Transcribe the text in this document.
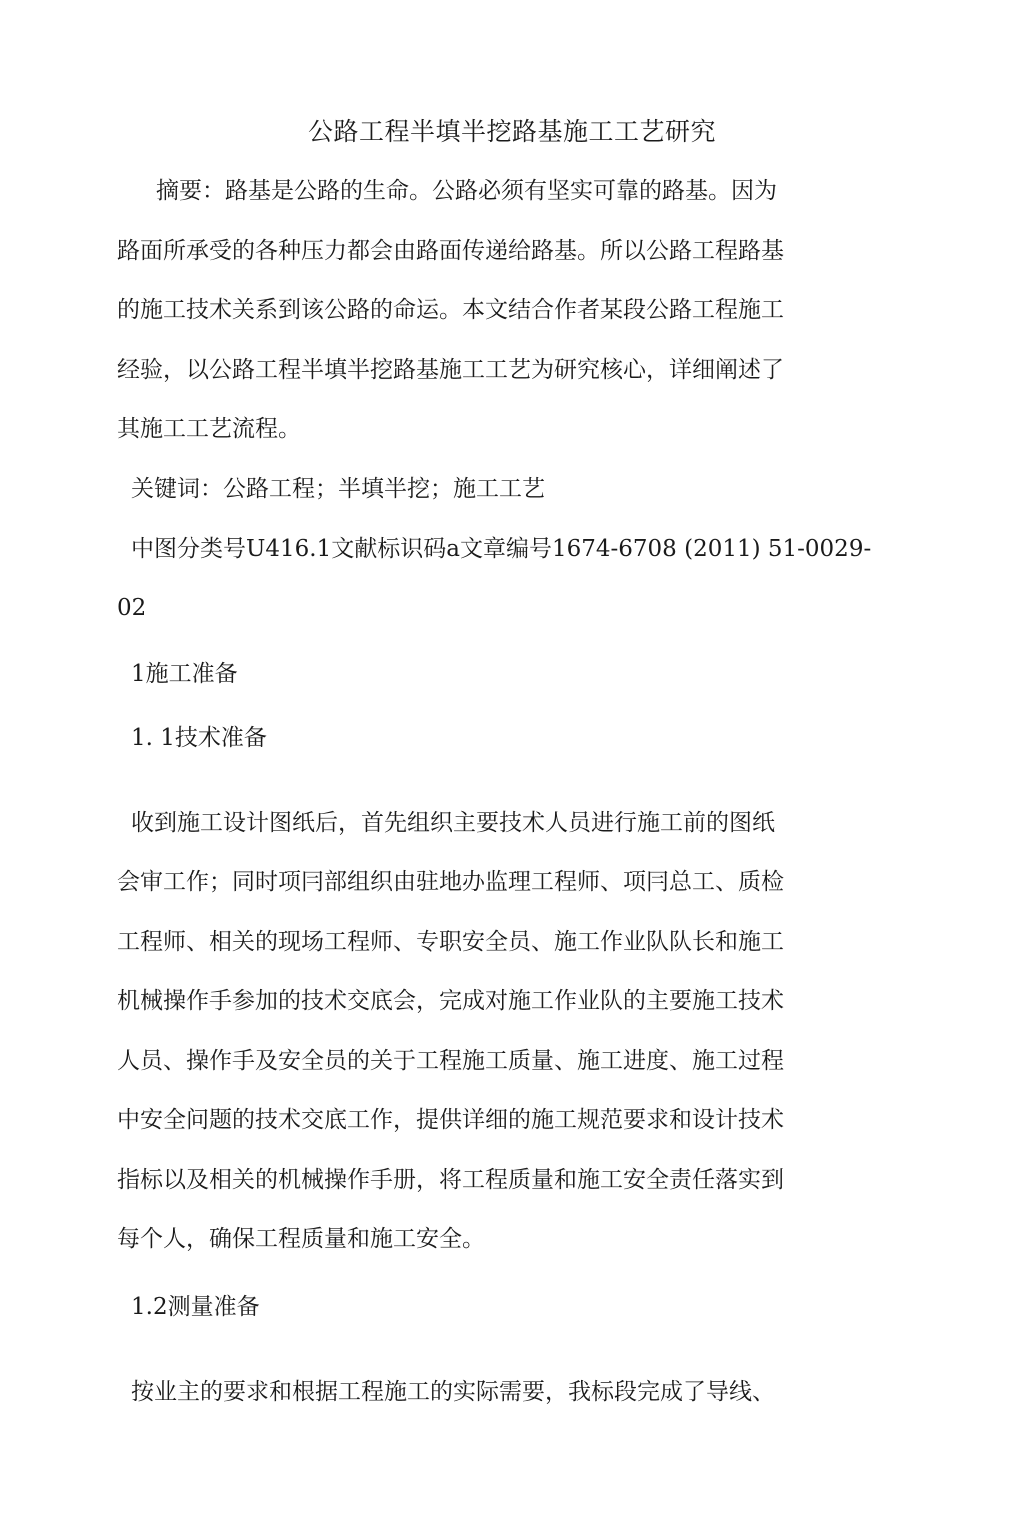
公路工程半填半挖路基施工工艺研究
摘要：路基是公路的生命。公路必须有坚实可靠的路基。因为
路面所承受的各种压力都会由路面传递给路基。所以公路工程路基
的施工技术关系到该公路的命运。本文结合作者某段公路工程施工
经验，以公路工程半填半挖路基施工工艺为研究核心，详细阐述了
其施工工艺流程。
关键词：公路工程；半填半挖；施工工艺
中图分类号U416.1文献标识码a文章编号1674-6708 (2011) 51-0029-
02
1施工准备
1. 1技术准备
收到施工设计图纸后，首先组织主要技术人员进行施工前的图纸
会审工作；同时项冃部组织由驻地办监理工程师、项冃总工、质检
工程师、相关的现场工程师、专职安全员、施工作业队队长和施工
机械操作手参加的技术交底会，完成对施工作业队的主要施工技术
人员、操作手及安全员的关于工程施工质量、施工进度、施工过程
中安全问题的技术交底工作，提供详细的施工规范要求和设计技术
指标以及相关的机械操作手册，将工程质量和施工安全责任落实到
每个人，确保工程质量和施工安全。
1.2测量准备
按业主的要求和根据工程施工的实际需要，我标段完成了导线、
